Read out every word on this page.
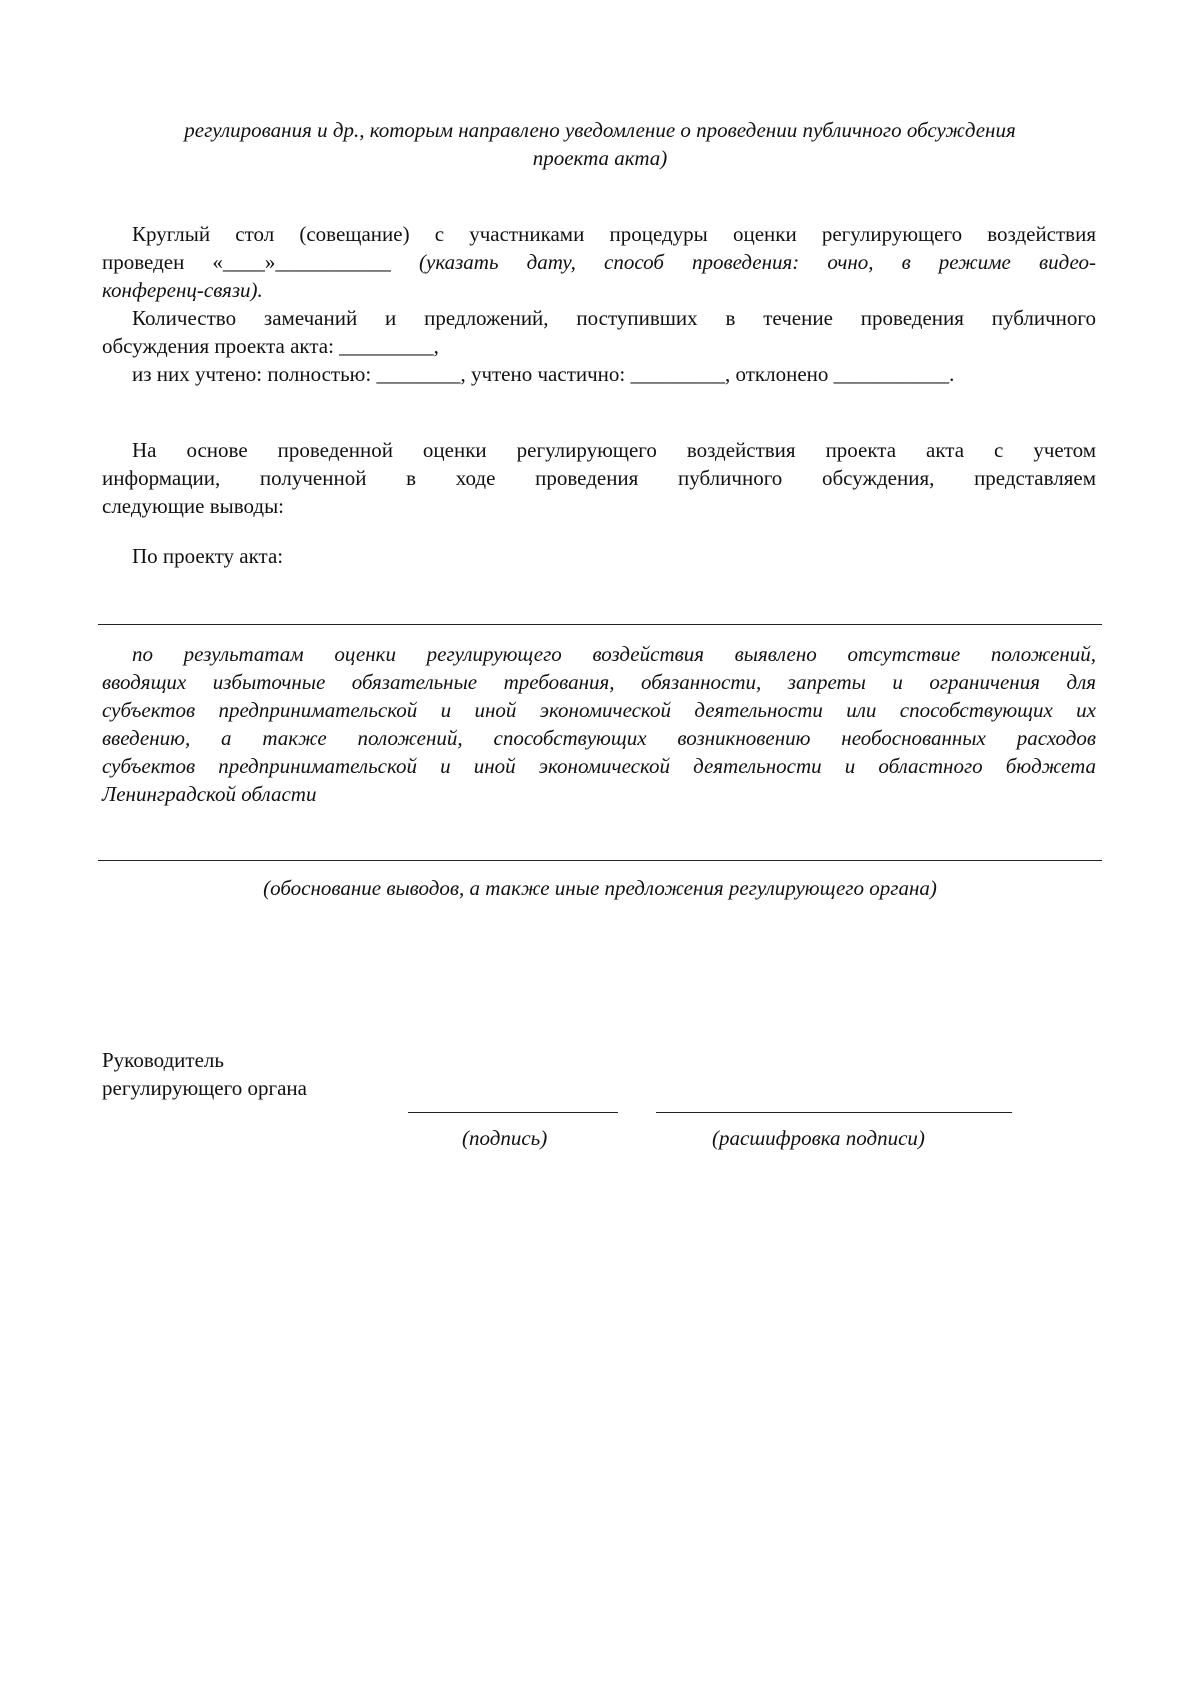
регулирования и др., которым направлено уведомление о проведении публичного обсуждения
проекта акта)
Круглый стол (совещание) с участниками процедуры оценки регулирующего воздействия
проведен «____»___________ (указать дату, способ проведения: очно, в режиме видео-
конференц-связи).
Количество замечаний и предложений, поступивших в течение проведения публичного
обсуждения проекта акта: _________,
из них учтено: полностью: ________, учтено частично: _________, отклонено ___________.
На основе проведенной оценки регулирующего воздействия проекта акта с учетом
информации, полученной в ходе проведения публичного обсуждения, представляем
следующие выводы:
По проекту акта:
по результатам оценки регулирующего воздействия выявлено отсутствие положений,
вводящих избыточные обязательные требования, обязанности, запреты и ограничения для
субъектов предпринимательской и иной экономической деятельности или способствующих их
введению, а также положений, способствующих возникновению необоснованных расходов
субъектов предпринимательской и иной экономической деятельности и областного бюджета
Ленинградской области
(обоснование выводов, а также иные предложения регулирующего органа)
Руководитель
регулирующего органа
(подпись)	(расшифровка подписи)
